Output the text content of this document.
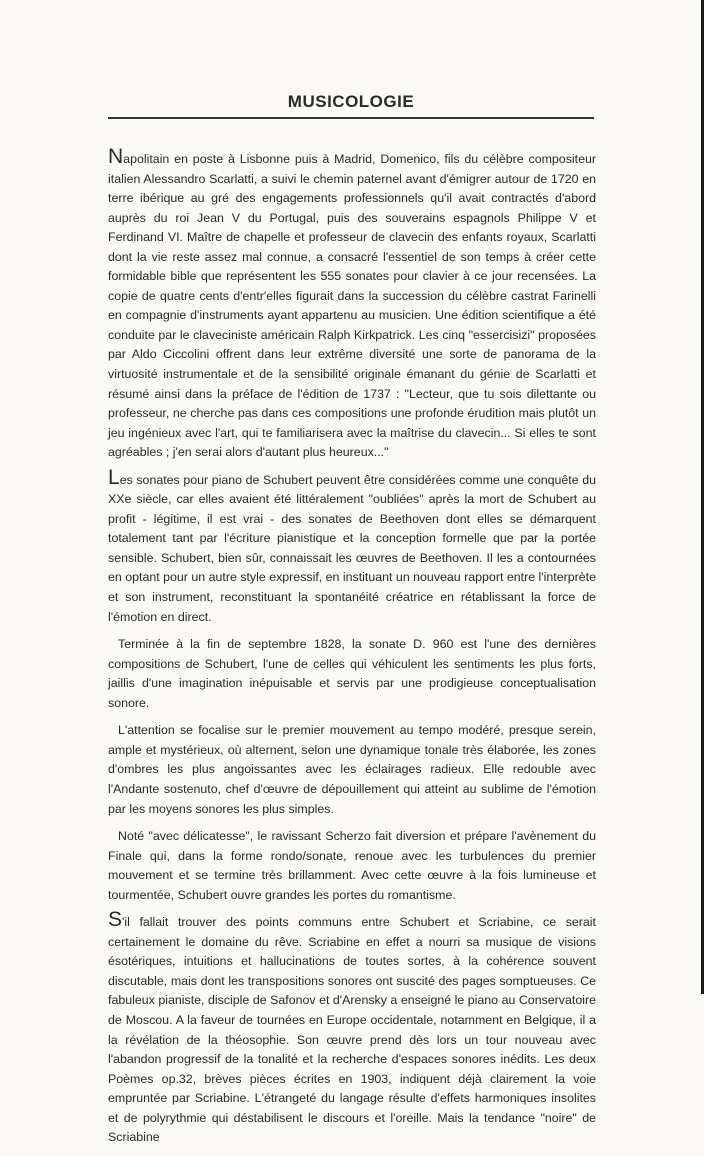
MUSICOLOGIE

Napolitain en poste à Lisbonne puis à Madrid, Domenico, fils du célèbre compositeur italien Alessandro Scarlatti, a suivi le chemin paternel avant d'émigrer autour de 1720 en terre ibérique au gré des engagements professionnels qu'il avait contractés d'abord auprès du roi Jean V du Portugal, puis des souverains espagnols Philippe V et Ferdinand VI. Maître de chapelle et professeur de clavecin des enfants royaux, Scarlatti dont la vie reste assez mal connue, a consacré l'essentiel de son temps à créer cette formidable bible que représentent les 555 sonates pour clavier à ce jour recensées. La copie de quatre cents d'entr'elles figurait dans la succession du célèbre castrat Farinelli en compagnie d'instruments ayant appartenu au musicien. Une édition scientifique a été conduite par le claveciniste américain Ralph Kirkpatrick. Les cinq "essercisizi" proposées par Aldo Ciccolini offrent dans leur extrême diversité une sorte de panorama de la virtuosité instrumentale et de la sensibilité originale émanant du génie de Scarlatti et résumé ainsi dans la préface de l'édition de 1737 : "Lecteur, que tu sois dilettante ou professeur, ne cherche pas dans ces compositions une profonde érudition mais plutôt un jeu ingénieux avec l'art, qui te familiarisera avec la maîtrise du clavecin... Si elles te sont agréables ; j'en serai alors d'autant plus heureux..."

Les sonates pour piano de Schubert peuvent être considérées comme une conquête du XXe siècle, car elles avaient été littéralement "oubliées" après la mort de Schubert au profit - légitime, il est vrai - des sonates de Beethoven dont elles se démarquent totalement tant par l'écriture pianistique et la conception formelle que par la portée sensible. Schubert, bien sûr, connaissait les œuvres de Beethoven. Il les a contournées en optant pour un autre style expressif, en instituant un nouveau rapport entre l'interprète et son instrument, reconstituant la spontanéité créatrice en rétablissant la force de l'émotion en direct.

Terminée à la fin de septembre 1828, la sonate D. 960 est l'une des dernières compositions de Schubert, l'une de celles qui véhiculent les sentiments les plus forts, jaillis d'une imagination inépuisable et servis par une prodigieuse conceptualisation sonore.

L'attention se focalise sur le premier mouvement au tempo modéré, presque serein, ample et mystérieux, où alternent, selon une dynamique tonale très élaborée, les zones d'ombres les plus angoissantes avec les éclairages radieux. Elle redouble avec l'Andante sostenuto, chef d'œuvre de dépouillement qui atteint au sublime de l'émotion par les moyens sonores les plus simples.

Noté "avec délicatesse", le ravissant Scherzo fait diversion et prépare l'avènement du Finale qui, dans la forme rondo/sonate, renoue avec les turbulences du premier mouvement et se termine très brillamment. Avec cette œuvre à la fois lumineuse et tourmentée, Schubert ouvre grandes les portes du romantisme.

S'il fallait trouver des points communs entre Schubert et Scriabine, ce serait certainement le domaine du rêve. Scriabine en effet a nourri sa musique de visions ésotériques, intuitions et hallucinations de toutes sortes, à la cohérence souvent discutable, mais dont les transpositions sonores ont suscité des pages somptueuses. Ce fabuleux pianiste, disciple de Safonov et d'Arensky a enseigné le piano au Conservatoire de Moscou. A la faveur de tournées en Europe occidentale, notamment en Belgique, il a la révélation de la théosophie. Son œuvre prend dès lors un tour nouveau avec l'abandon progressif de la tonalité et la recherche d'espaces sonores inédits. Les deux Poèmes op.32, brèves pièces écrites en 1903, indiquent déjà clairement la voie empruntée par Scriabine. L'étrangeté du langage résulte d'effets harmoniques insolites et de polyrythmie qui déstabilisent le discours et l'oreille. Mais la tendance "noire" de Scriabine
